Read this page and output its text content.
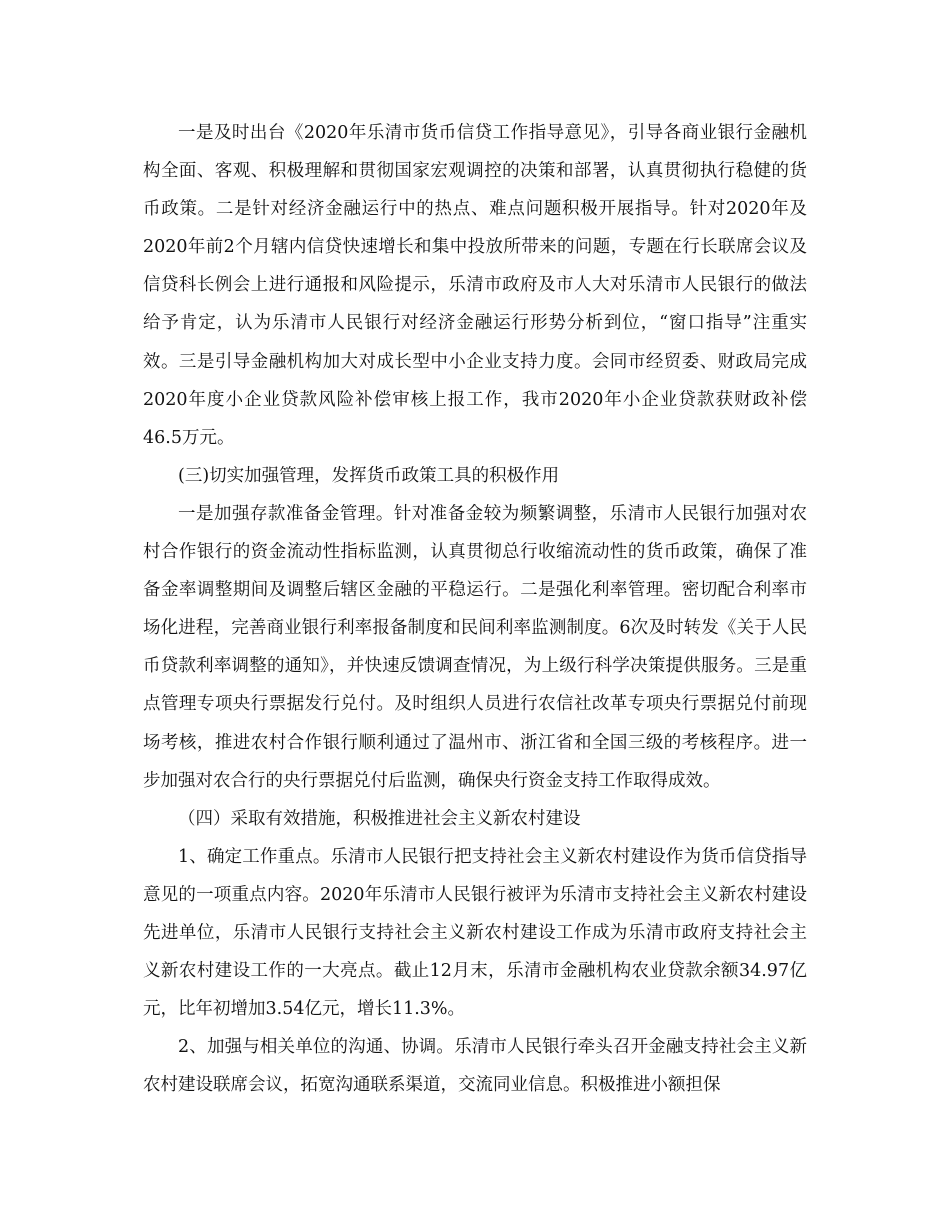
一是及时出台《2020年乐清市货币信贷工作指导意见》，引导各商业银行金融机构全面、客观、积极理解和贯彻国家宏观调控的决策和部署，认真贯彻执行稳健的货币政策。二是针对经济金融运行中的热点、难点问题积极开展指导。针对2020年及2020年前2个月辖内信贷快速增长和集中投放所带来的问题，专题在行长联席会议及信贷科长例会上进行通报和风险提示，乐清市政府及市人大对乐清市人民银行的做法给予肯定，认为乐清市人民银行对经济金融运行形势分析到位，“窗口指导”注重实效。三是引导金融机构加大对成长型中小企业支持力度。会同市经贸委、财政局完成2020年度小企业贷款风险补偿审核上报工作，我市2020年小企业贷款获财政补偿46.5万元。

(三)切实加强管理，发挥货币政策工具的积极作用

一是加强存款准备金管理。针对准备金较为频繁调整，乐清市人民银行加强对农村合作银行的资金流动性指标监测，认真贯彻总行收缩流动性的货币政策，确保了准备金率调整期间及调整后辖区金融的平稳运行。二是强化利率管理。密切配合利率市场化进程，完善商业银行利率报备制度和民间利率监测制度。6次及时转发《关于人民币贷款利率调整的通知》，并快速反馈调查情况，为上级行科学决策提供服务。三是重点管理专项央行票据发行兑付。及时组织人员进行农信社改革专项央行票据兑付前现场考核，推进农村合作银行顺利通过了温州市、浙江省和全国三级的考核程序。进一步加强对农合行的央行票据兑付后监测，确保央行资金支持工作取得成效。

（四）采取有效措施，积极推进社会主义新农村建设

1、确定工作重点。乐清市人民银行把支持社会主义新农村建设作为货币信贷指导意见的一项重点内容。2020年乐清市人民银行被评为乐清市支持社会主义新农村建设先进单位，乐清市人民银行支持社会主义新农村建设工作成为乐清市政府支持社会主义新农村建设工作的一大亮点。截止12月末，乐清市金融机构农业贷款余额34.97亿元，比年初增加3.54亿元，增长11.3%。

2、加强与相关单位的沟通、协调。乐清市人民银行牵头召开金融支持社会主义新农村建设联席会议，拓宽沟通联系渠道，交流同业信息。积极推进小额担保
